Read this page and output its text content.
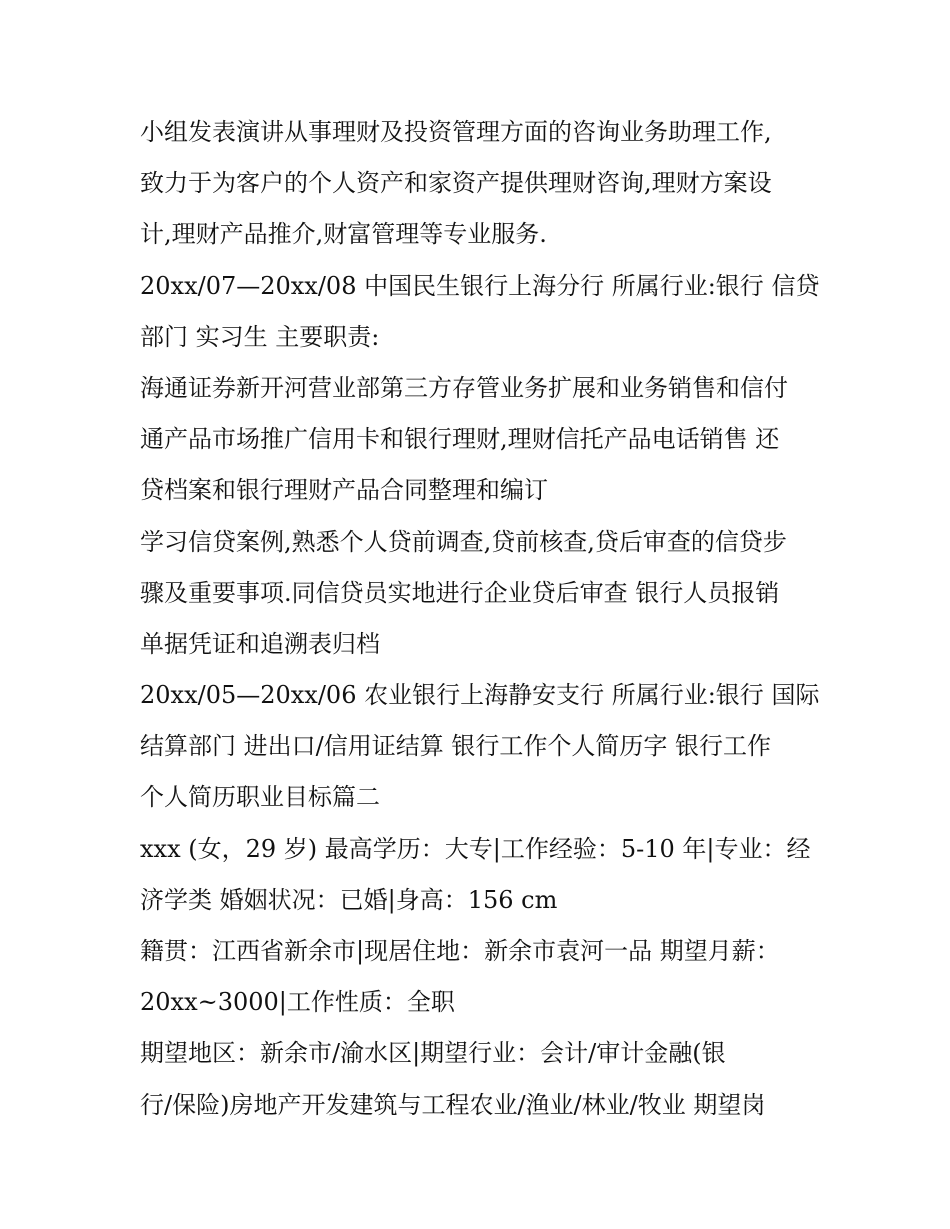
小组发表演讲从事理财及投资管理方面的咨询业务助理工作,
致力于为客户的个人资产和家资产提供理财咨询,理财方案设
计,理财产品推介,财富管理等专业服务.
20xx/07—20xx/08 中国民生银行上海分行 所属行业:银行 信贷
部门 实习生 主要职责:
海通证券新开河营业部第三方存管业务扩展和业务销售和信付
通产品市场推广信用卡和银行理财,理财信托产品电话销售 还
贷档案和银行理财产品合同整理和编订
学习信贷案例,熟悉个人贷前调查,贷前核查,贷后审查的信贷步
骤及重要事项.同信贷员实地进行企业贷后审查 银行人员报销
单据凭证和追溯表归档
20xx/05—20xx/06 农业银行上海静安支行 所属行业:银行 国际
结算部门 进出口/信用证结算 银行工作个人简历字 银行工作
个人简历职业目标篇二
xxx (女，29 岁) 最高学历：大专|工作经验：5-10 年|专业：经
济学类 婚姻状况：已婚|身高：156 cm
籍贯：江西省新余市|现居住地：新余市袁河一品 期望月薪：
20xx~3000|工作性质：全职
期望地区：新余市/渝水区|期望行业：会计/审计金融(银
行/保险)房地产开发建筑与工程农业/渔业/林业/牧业 期望岗
